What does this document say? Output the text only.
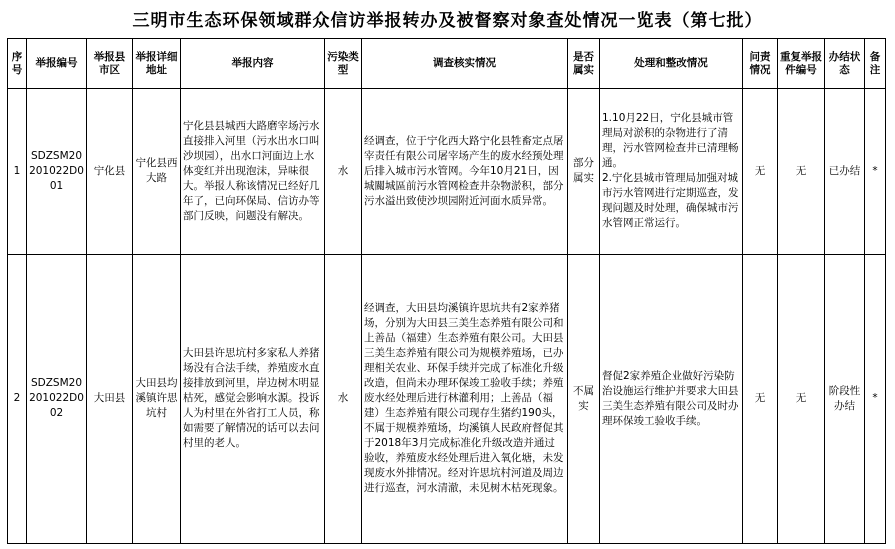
三明市生态环保领域群众信访举报转办及被督察对象查处情况一览表（第七批）
序号	举报编号	举报县市区	举报详细地址	举报内容	污染类型	调查核实情况	是否属实	处理和整改情况	问责情况	重复举报件编号	办结状态	备注
1	SDZSM20201022D001	宁化县	宁化县西大路	宁化县县城西大路磨宰场污水直接排入河里（污水出水口叫沙坝园），出水口河面边上水体变红并出现泡沫，异味很大。举报人称该情况已经好几年了，已向环保局、信访办等部门反映，问题没有解决。	水	经调查，位于宁化西大路宁化县牲畜定点屠宰责任有限公司屠宰场产生的废水经预处理后排入城市污水管网。今年10月21日，因城關城區前污水管网检查井杂物淤积，部分污水溢出致使沙坝园附近河面水质异常。	部分属实	1.10月22日，宁化县城市管理局对淤积的杂物进行了清理，污水管网检查井已清理畅通。
2.宁化县城市管理局加强对城市污水管网进行定期巡查，发现问题及时处理，确保城市污水管网正常运行。	无	无	已办结	*
2	SDZSM20201022D002	大田县	大田县均溪镇许思坑村	大田县许思坑村多家私人养猪场没有合法手续，养殖废水直接排放到河里，岸边树木明显枯死，感觉会影响水源。投诉人为村里在外省打工人员，称如需要了解情况的话可以去问村里的老人。	水	经调查，大田县均溪镇许思坑共有2家养猪场，分别为大田县三美生态养殖有限公司和上善品（福建）生态养殖有限公司。大田县三美生态养殖有限公司为规模养殖场，已办理相关农业、环保手续并完成了标准化升级改造，但尚未办理环保竣工验收手续；养殖废水经处理后进行林灌利用；上善品（福建）生态养殖有限公司现存生猪约190头，不属于规模养殖场，均溪镇人民政府督促其于2018年3月完成标准化升级改造并通过验收，养殖废水经处理后进入氧化塘，未发现废水外排情况。经对许思坑村河道及周边进行巡查，河水清澈，未见树木枯死现象。	不属实	督促2家养殖企业做好污染防治设施运行维护并要求大田县三美生态养殖有限公司及时办理环保竣工验收手续。	无	无	阶段性办结	*
